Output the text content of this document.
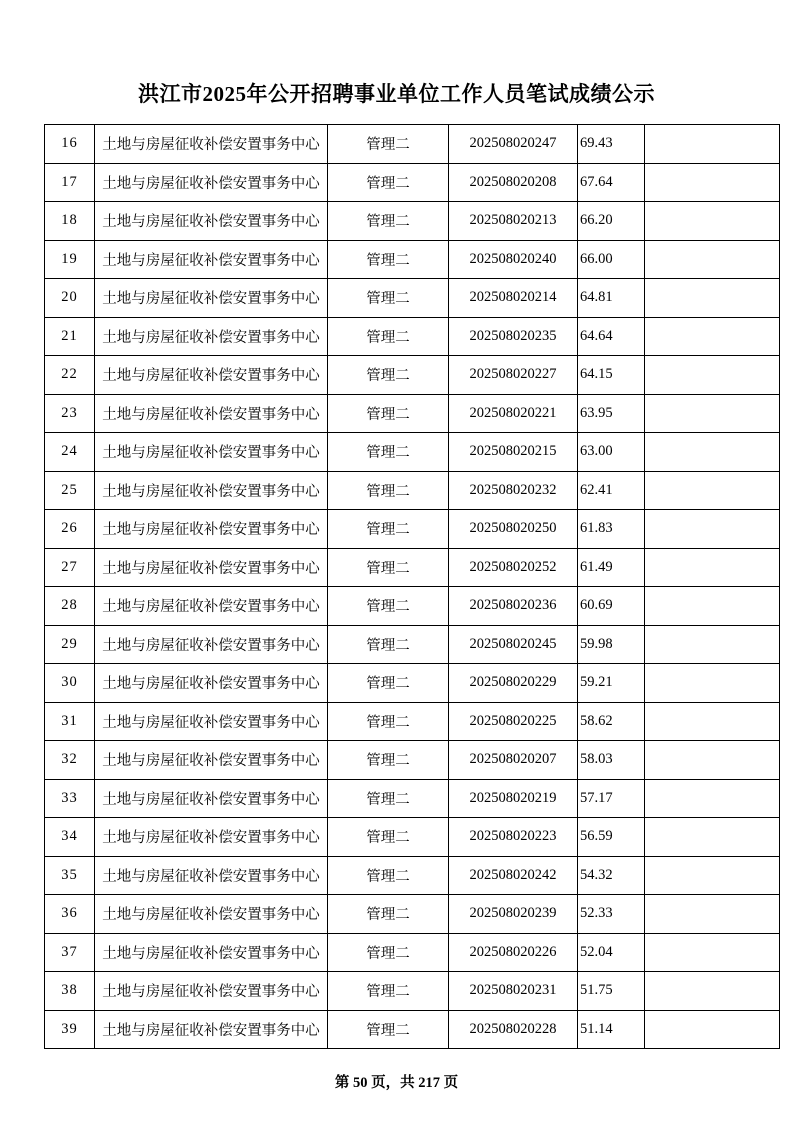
洪江市2025年公开招聘事业单位工作人员笔试成绩公示
16	土地与房屋征收补偿安置事务中心	管理二	202508020247	69.43	
17	土地与房屋征收补偿安置事务中心	管理二	202508020208	67.64	
18	土地与房屋征收补偿安置事务中心	管理二	202508020213	66.20	
19	土地与房屋征收补偿安置事务中心	管理二	202508020240	66.00	
20	土地与房屋征收补偿安置事务中心	管理二	202508020214	64.81	
21	土地与房屋征收补偿安置事务中心	管理二	202508020235	64.64	
22	土地与房屋征收补偿安置事务中心	管理二	202508020227	64.15	
23	土地与房屋征收补偿安置事务中心	管理二	202508020221	63.95	
24	土地与房屋征收补偿安置事务中心	管理二	202508020215	63.00	
25	土地与房屋征收补偿安置事务中心	管理二	202508020232	62.41	
26	土地与房屋征收补偿安置事务中心	管理二	202508020250	61.83	
27	土地与房屋征收补偿安置事务中心	管理二	202508020252	61.49	
28	土地与房屋征收补偿安置事务中心	管理二	202508020236	60.69	
29	土地与房屋征收补偿安置事务中心	管理二	202508020245	59.98	
30	土地与房屋征收补偿安置事务中心	管理二	202508020229	59.21	
31	土地与房屋征收补偿安置事务中心	管理二	202508020225	58.62	
32	土地与房屋征收补偿安置事务中心	管理二	202508020207	58.03	
33	土地与房屋征收补偿安置事务中心	管理二	202508020219	57.17	
34	土地与房屋征收补偿安置事务中心	管理二	202508020223	56.59	
35	土地与房屋征收补偿安置事务中心	管理二	202508020242	54.32	
36	土地与房屋征收补偿安置事务中心	管理二	202508020239	52.33	
37	土地与房屋征收补偿安置事务中心	管理二	202508020226	52.04	
38	土地与房屋征收补偿安置事务中心	管理二	202508020231	51.75	
39	土地与房屋征收补偿安置事务中心	管理二	202508020228	51.14	
第 50 页，共 217 页
